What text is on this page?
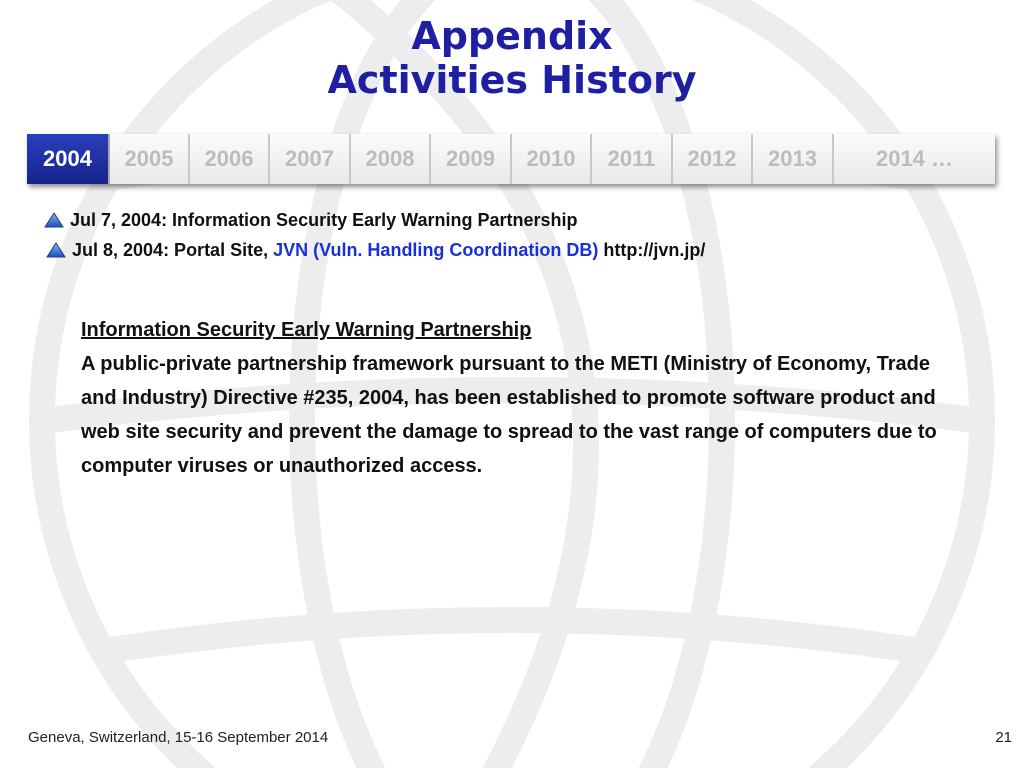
Appendix
Activities History
2004	2005	2006	2007	2008	2009	2010	2011	2012	2013	2014 …
Jul 7, 2004: Information Security Early Warning Partnership
Jul 8, 2004: Portal Site, JVN (Vuln. Handling Coordination DB) http://jvn.jp/
Information Security Early Warning Partnership
A public-private partnership framework pursuant to the METI (Ministry of Economy, Trade and Industry) Directive #235, 2004, has been established to promote software product and web site security and prevent the damage to spread to the vast range of computers due to computer viruses or unauthorized access.
Geneva, Switzerland, 15-16 September 2014	21
